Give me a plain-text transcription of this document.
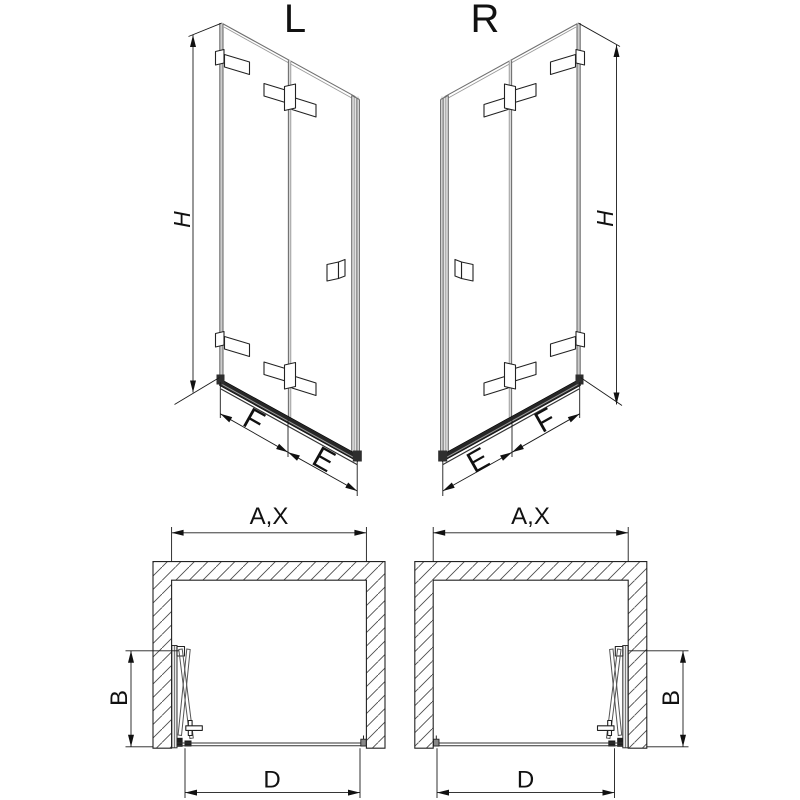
L
H
F
E
R
H
F
E
A,X
B
D
A,X
B
D
